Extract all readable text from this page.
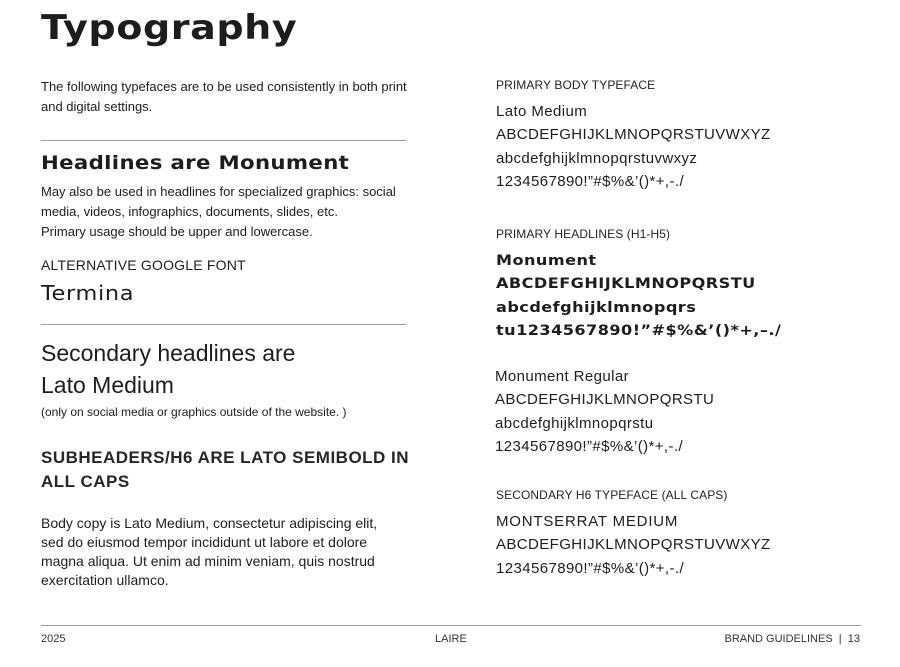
Typography

The following typefaces are to be used consistently in both print and digital settings.

Headlines are Monument
May also be used in headlines for specialized graphics: social media, videos, infographics, documents, slides, etc.
Primary usage should be upper and lowercase.

ALTERNATIVE GOOGLE FONT

Termina

Secondary headlines are
Lato Medium

(only on social media or graphics outside of the website. )

SUBHEADERS/H6 ARE LATO SEMIBOLD IN ALL CAPS

Body copy is Lato Medium, consectetur adipiscing elit, sed do eiusmod tempor incididunt ut labore et dolore magna aliqua. Ut enim ad minim veniam, quis nostrud exercitation ullamco.

PRIMARY BODY TYPEFACE

Lato Medium

ABCDEFGHIJKLMNOPQRSTUVWXYZ

abcdefghijklmnopqrstuvwxyz

1234567890!”#$%&’()*+,-./

PRIMARY HEADLINES (H1-H5)

Monument

ABCDEFGHIJKLMNOPQRSTU

abcdefghijklmnopqrs

tu1234567890!”#$%&’()*+,–./

Monument Regular

ABCDEFGHIJKLMNOPQRSTU

abcdefghijklmnopqrstu

1234567890!”#$%&’()*+,-./

SECONDARY H6 TYPEFACE (ALL CAPS)

MONTSERRAT MEDIUM

ABCDEFGHIJKLMNOPQRSTUVWXYZ

1234567890!”#$%&’()*+,-./

2025	LAIRE	BRAND GUIDELINES  |  13
